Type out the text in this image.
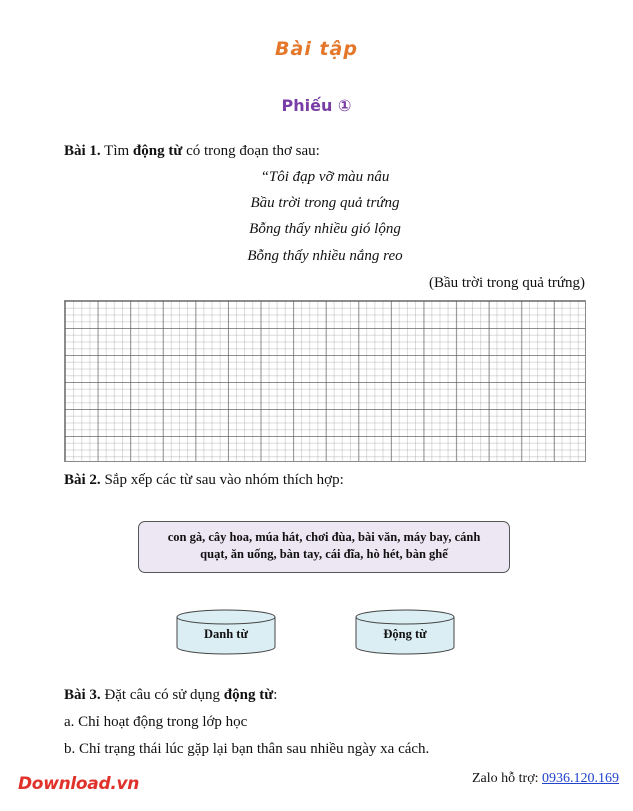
Bài tập
Phiếu ①
Bài 1. Tìm động từ có trong đoạn thơ sau:
“Tôi đạp vỡ màu nâu
Bầu trời trong quả trứng
Bỗng thấy nhiều gió lộng
Bỗng thấy nhiều nắng reo
(Bầu trời trong quả trứng)
Bài 2. Sắp xếp các từ sau vào nhóm thích hợp:
con gà, cây hoa, múa hát, chơi đùa, bài văn, máy bay, cánh
quạt, ăn uống, bàn tay, cái đĩa, hò hét, bàn ghế
Danh từ	Động từ
Bài 3. Đặt câu có sử dụng động từ:
a. Chỉ hoạt động trong lớp học
b. Chỉ trạng thái lúc gặp lại bạn thân sau nhiều ngày xa cách.
Download.vn	Zalo hỗ trợ: 0936.120.169
